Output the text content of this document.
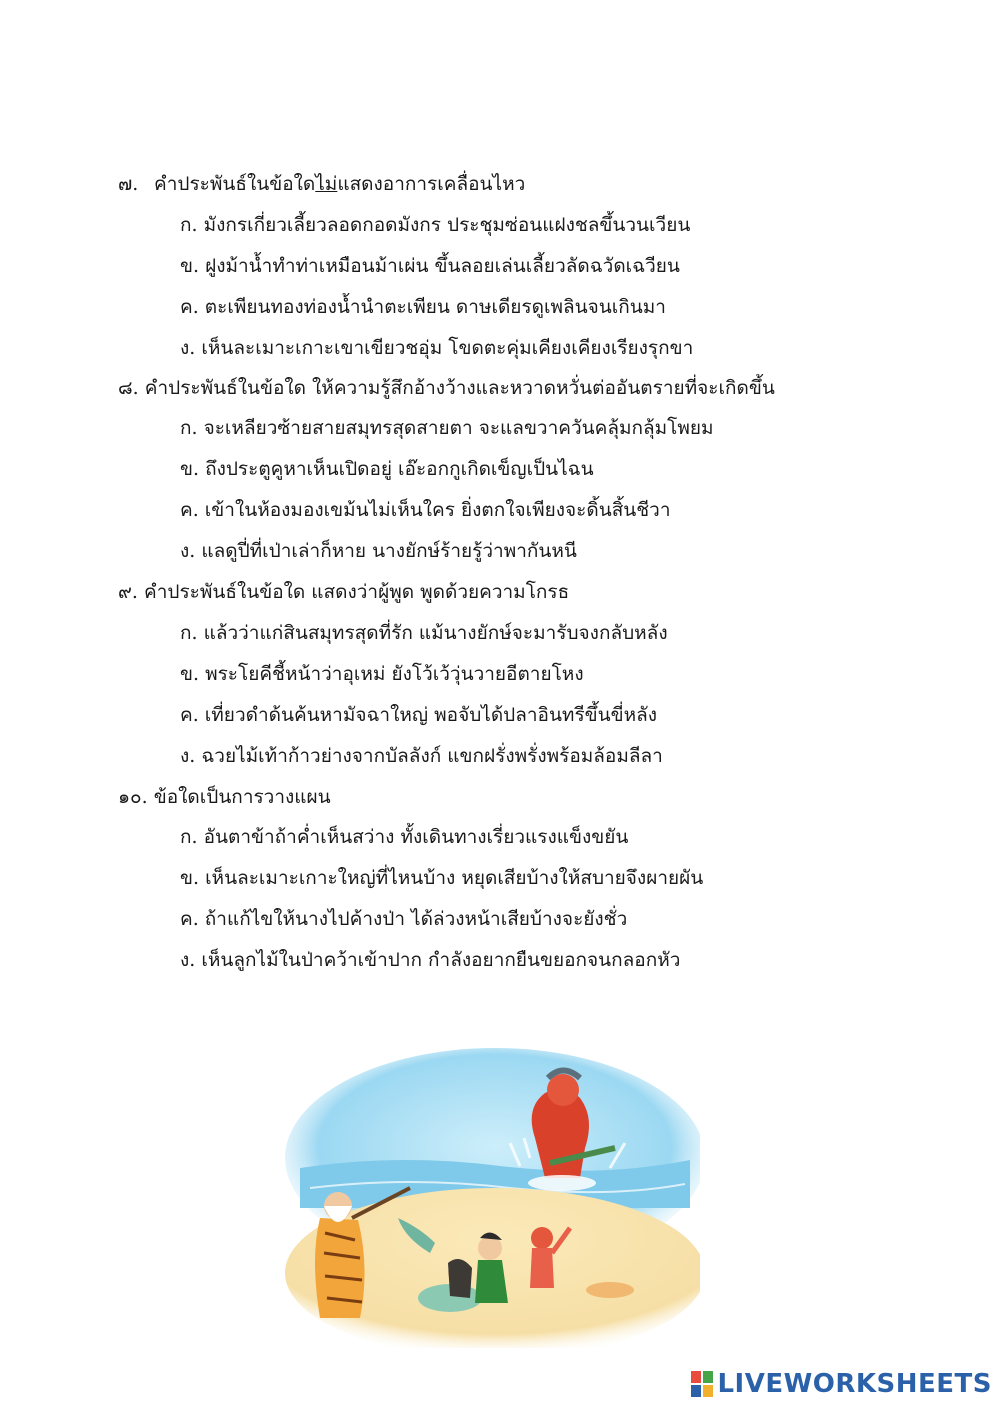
๗. คำประพันธ์ในข้อใดไม่แสดงอาการเคลื่อนไหว
ก. มังกรเกี่ยวเลี้ยวลอดกอดมังกร ประชุมซ่อนแฝงชลขึ้นวนเวียน
ข. ฝูงม้าน้ำทำท่าเหมือนม้าเผ่น ขึ้นลอยเล่นเลี้ยวลัดฉวัดเฉวียน
ค. ตะเพียนทองท่องน้ำนำตะเพียน ดาษเดียรดูเพลินจนเกินมา
ง. เห็นละเมาะเกาะเขาเขียวชอุ่ม โขดตะคุ่มเคียงเคียงเรียงรุกขา
๘. คำประพันธ์ในข้อใด ให้ความรู้สึกอ้างว้างและหวาดหวั่นต่ออันตรายที่จะเกิดขึ้น
ก. จะเหลียวซ้ายสายสมุทรสุดสายตา จะแลขวาควันคลุ้มกลุ้มโพยม
ข. ถึงประตูคูหาเห็นเปิดอยู่ เอ๊ะอกกูเกิดเข็ญเป็นไฉน
ค. เข้าในห้องมองเขม้นไม่เห็นใคร ยิ่งตกใจเพียงจะดิ้นสิ้นชีวา
ง. แลดูปี่ที่เป่าเล่าก็หาย นางยักษ์ร้ายรู้ว่าพากันหนี
๙. คำประพันธ์ในข้อใด แสดงว่าผู้พูด พูดด้วยความโกรธ
ก. แล้วว่าแก่สินสมุทรสุดที่รัก แม้นางยักษ์จะมารับจงกลับหลัง
ข. พระโยคีชี้หน้าว่าอุเหม่ ยังโว้เว้วุ่นวายอีตายโหง
ค. เที่ยวดำด้นค้นหามัจฉาใหญ่ พอจับได้ปลาอินทรีขึ้นขี่หลัง
ง. ฉวยไม้เท้าก้าวย่างจากบัลลังก์ แขกฝรั่งพรั่งพร้อมล้อมลีลา
๑๐. ข้อใดเป็นการวางแผน
ก. อันตาข้าถ้าค่ำเห็นสว่าง ทั้งเดินทางเรี่ยวแรงแข็งขยัน
ข. เห็นละเมาะเกาะใหญ่ที่ไหนบ้าง หยุดเสียบ้างให้สบายจึงผายผัน
ค. ถ้าแก้ไขให้นางไปค้างป่า ได้ล่วงหน้าเสียบ้างจะยังชั่ว
ง. เห็นลูกไม้ในป่าคว้าเข้าปาก กำลังอยากยืนขยอกจนกลอกหัว
LIVEWORKSHEETS
